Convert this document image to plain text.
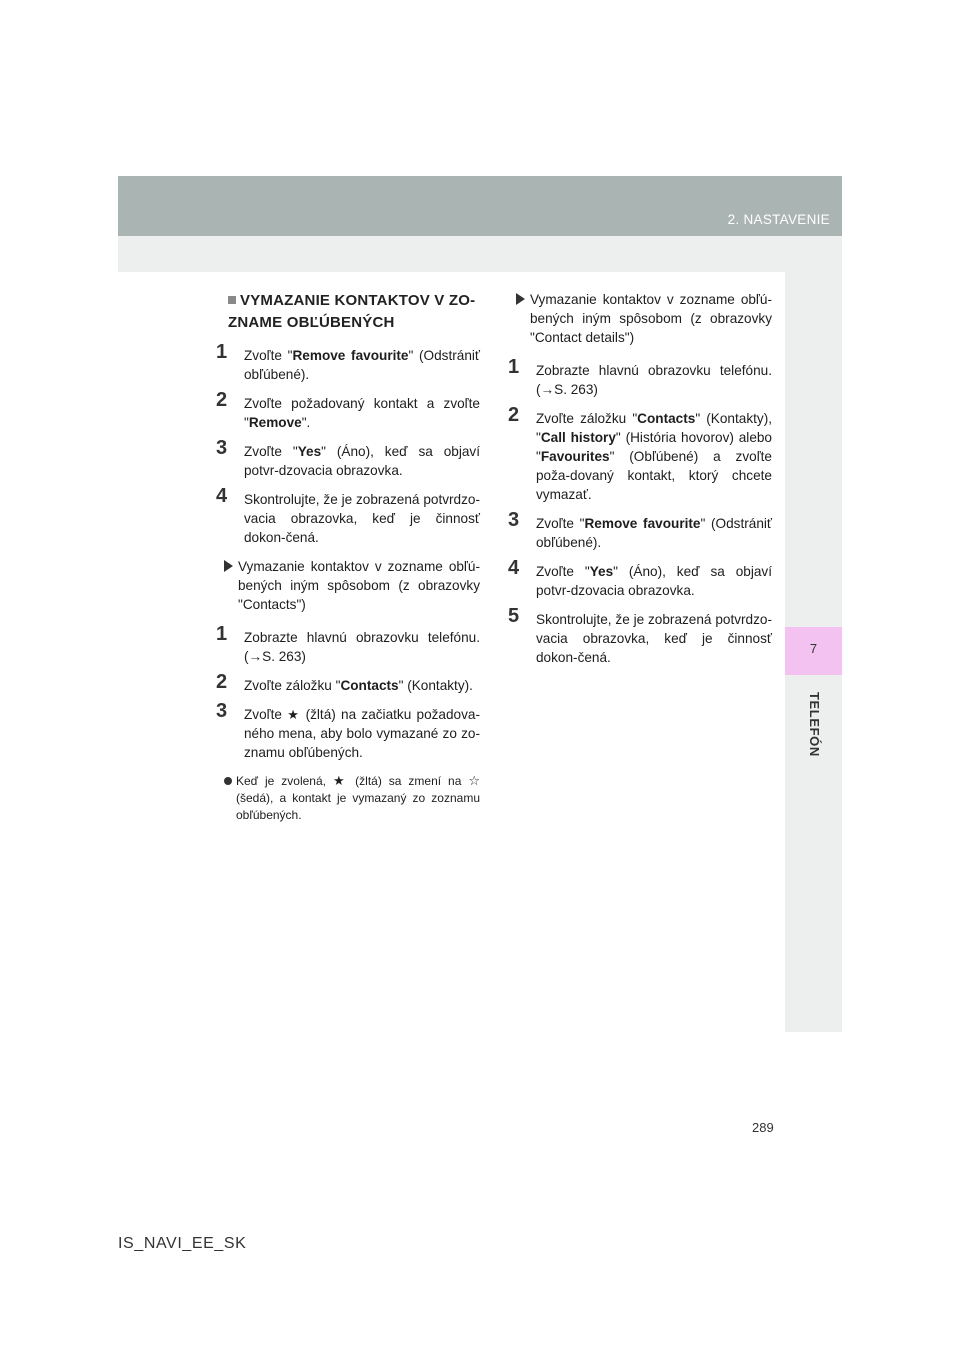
2. NASTAVENIE
7
TELEFÓN
VYMAZANIE KONTAKTOV V ZO-ZNAME OBĽÚBENÝCH
1 Zvoľte "Remove favourite" (Odstrániť obľúbené).
2 Zvoľte požadovaný kontakt a zvoľte "Remove".
3 Zvoľte "Yes" (Áno), keď sa objaví potvr-dzovacia obrazovka.
4 Skontrolujte, že je zobrazená potvrdzo-vacia obrazovka, keď je činnosť dokon-čená.
Vymazanie kontaktov v zozname obľú-bených iným spôsobom (z obrazovky "Contacts")
1 Zobrazte hlavnú obrazovku telefónu. (→S. 263)
2 Zvoľte záložku "Contacts" (Kontakty).
3 Zvoľte ★ (žltá) na začiatku požadova-ného mena, aby bolo vymazané zo zo-znamu obľúbených.
Keď je zvolená, ★ (žltá) sa zmení na ☆ (šedá), a kontakt je vymazaný zo zoznamu obľúbených.
Vymazanie kontaktov v zozname obľú-bených iným spôsobom (z obrazovky "Contact details")
1 Zobrazte hlavnú obrazovku telefónu. (→S. 263)
2 Zvoľte záložku "Contacts" (Kontakty), "Call history" (História hovorov) alebo "Favourites" (Obľúbené) a zvoľte poža-dovaný kontakt, ktorý chcete vymazať.
3 Zvoľte "Remove favourite" (Odstrániť obľúbené).
4 Zvoľte "Yes" (Áno), keď sa objaví potvr-dzovacia obrazovka.
5 Skontrolujte, že je zobrazená potvrdzo-vacia obrazovka, keď je činnosť dokon-čená.
289
IS_NAVI_EE_SK
